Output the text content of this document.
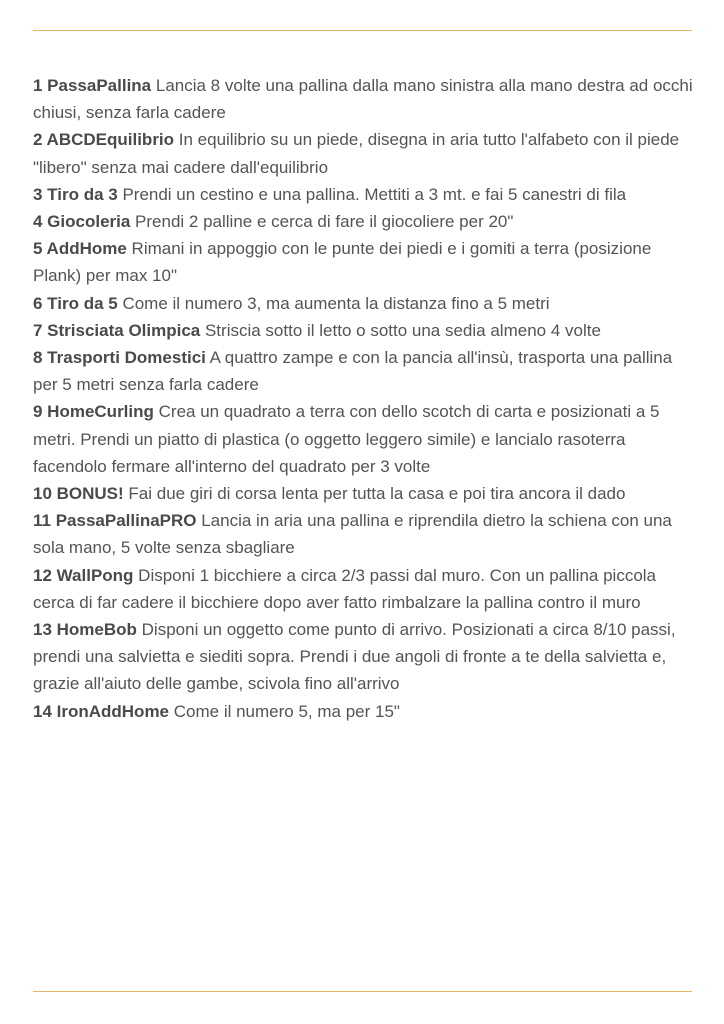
1 PassaPallina Lancia 8 volte una pallina dalla mano sinistra alla mano destra ad occhi chiusi, senza farla cadere
2 ABCDEquilibrio In equilibrio su un piede, disegna in aria tutto l'alfabeto con il piede "libero" senza mai cadere dall'equilibrio
3 Tiro da 3 Prendi un cestino e una pallina. Mettiti a 3 mt. e fai 5 canestri di fila
4 Giocoleria Prendi 2 palline e cerca di fare il giocoliere per 20"
5 AddHome Rimani in appoggio con le punte dei piedi e i gomiti a terra (posizione Plank) per max 10"
6 Tiro da 5 Come il numero 3, ma aumenta la distanza fino a 5 metri
7 Strisciata Olimpica Striscia sotto il letto o sotto una sedia almeno 4 volte
8 Trasporti Domestici A quattro zampe e con la pancia all'insù, trasporta una pallina per 5 metri senza farla cadere
9 HomeCurling Crea un quadrato a terra con dello scotch di carta e posizionati a 5 metri. Prendi un piatto di plastica (o oggetto leggero simile) e lancialo rasoterra facendolo fermare all'interno del quadrato per 3 volte
10 BONUS! Fai due giri di corsa lenta per tutta la casa e poi tira ancora il dado
11 PassaPallinaPRO Lancia in aria una pallina e riprendila dietro la schiena con una sola mano, 5 volte senza sbagliare
12 WallPong Disponi 1 bicchiere a circa 2/3 passi dal muro. Con un pallina piccola cerca di far cadere il bicchiere dopo aver fatto rimbalzare la pallina contro il muro
13 HomeBob Disponi un oggetto come punto di arrivo. Posizionati a circa 8/10 passi, prendi una salvietta e siediti sopra. Prendi i due angoli di fronte a te della salvietta e, grazie all'aiuto delle gambe, scivola fino all'arrivo
14 IronAddHome Come il numero 5, ma per 15"
